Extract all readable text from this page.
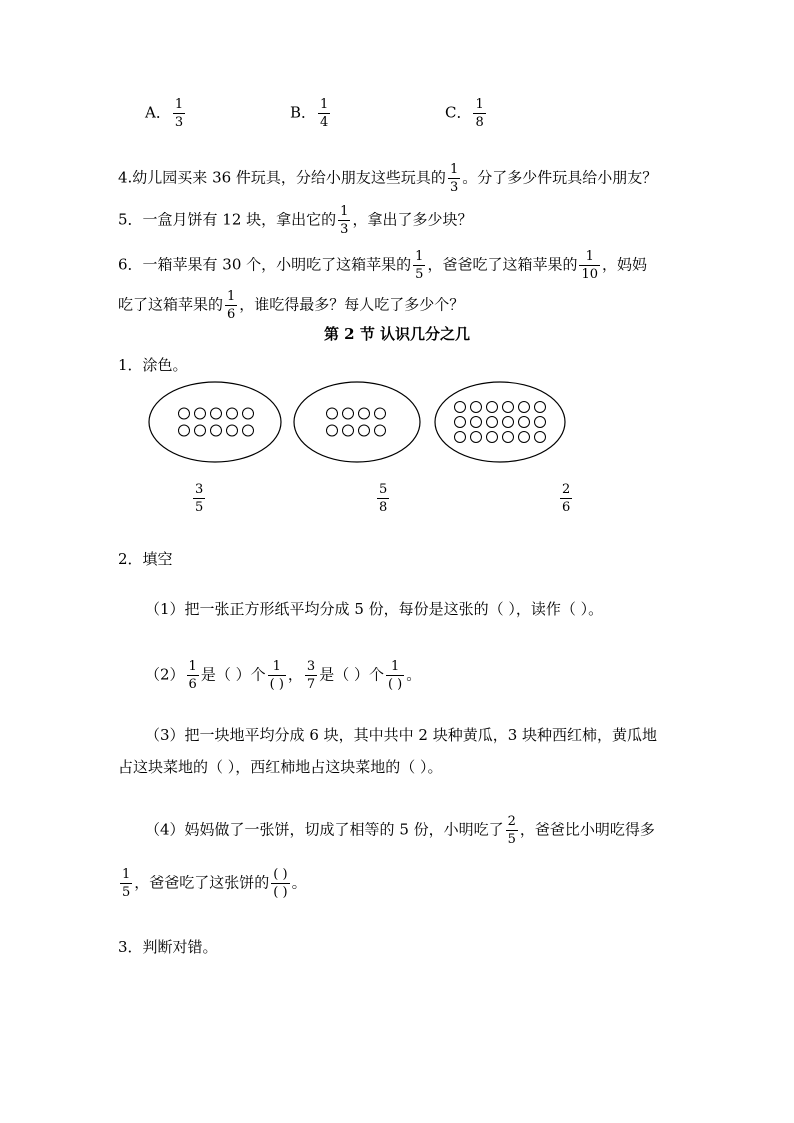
A． $\frac{1}{3}$	B． $\frac{1}{4}$	C． $\frac{1}{8}$
4.幼儿园买来 36 件玩具，分给小朋友这些玩具的 $\frac{1}{3}$ 。分了多少件玩具给小朋友？
5．一盒月饼有 12 块，拿出它的 $\frac{1}{3}$ ，拿出了多少块？
6．一箱苹果有 30 个，小明吃了这箱苹果的 $\frac{1}{5}$ ，爸爸吃了这箱苹果的 $\frac{1}{10}$ ，妈妈
吃了这箱苹果的 $\frac{1}{6}$ ，谁吃得最多？每人吃了多少个？
第 2 节 认识几分之几
1．涂色。
$\frac{3}{5}$	$\frac{5}{8}$	$\frac{2}{6}$
2．填空
（1）把一张正方形纸平均分成 5 份，每份是这张的（ ），读作（ ）。
$(2) \frac{1}{6}$ 是（ ）个 $\frac{1}{( )}$ ， $\frac{3}{7}$ 是（ ）个 $\frac{1}{( )}$ 。
（3）把一块地平均分成 6 块，其中共中 2 块种黄瓜，3 块种西红柿，黄瓜地
占这块菜地的（ ），西红柿地占这块菜地的（ ）。
（4）妈妈做了一张饼，切成了相等的 5 份，小明吃了 $\frac{2}{5}$ ，爸爸比小明吃得多
$\frac{1}{5}$ ，爸爸吃了这张饼的 $\frac{( )}{( )}$ 。
3．判断对错。
